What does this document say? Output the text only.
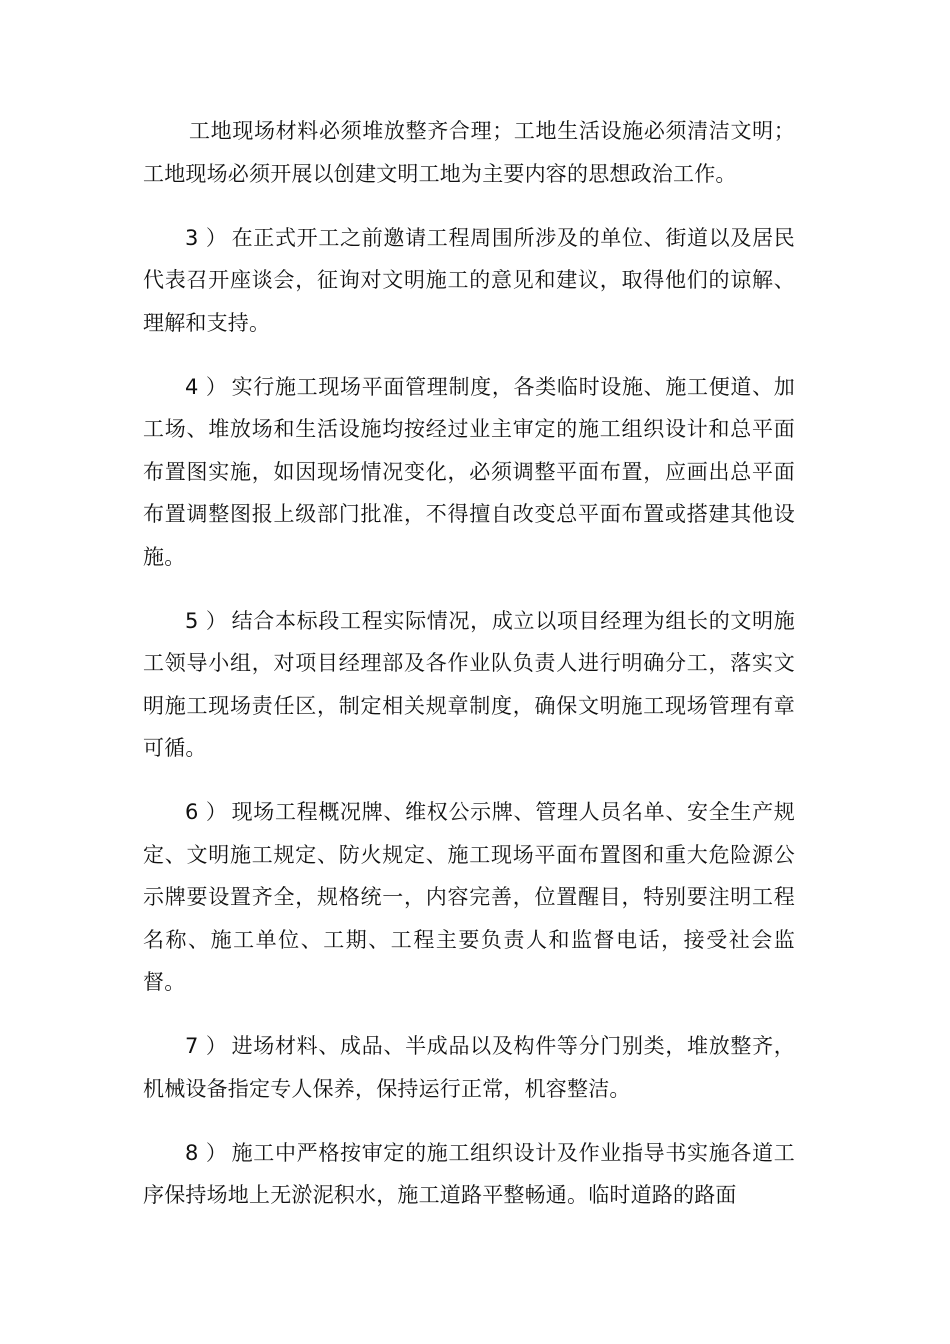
工地现场材料必须堆放整齐合理；工地生活设施必须清洁文明；工地现场必须开展以创建文明工地为主要内容的思想政治工作。

3 ） 在正式开工之前邀请工程周围所涉及的单位、街道以及居民代表召开座谈会，征询对文明施工的意见和建议，取得他们的谅解、理解和支持。

4 ） 实行施工现场平面管理制度，各类临时设施、施工便道、加工场、堆放场和生活设施均按经过业主审定的施工组织设计和总平面布置图实施，如因现场情况变化，必须调整平面布置，应画出总平面布置调整图报上级部门批准，不得擅自改变总平面布置或搭建其他设施。

5 ） 结合本标段工程实际情况，成立以项目经理为组长的文明施工领导小组，对项目经理部及各作业队负责人进行明确分工，落实文明施工现场责任区，制定相关规章制度，确保文明施工现场管理有章可循。

6 ） 现场工程概况牌、维权公示牌、管理人员名单、安全生产规定、文明施工规定、防火规定、施工现场平面布置图和重大危险源公示牌要设置齐全，规格统一，内容完善，位置醒目，特别要注明工程名称、施工单位、工期、工程主要负责人和监督电话，接受社会监督。

7 ） 进场材料、成品、半成品以及构件等分门别类，堆放整齐，机械设备指定专人保养，保持运行正常，机容整洁。

8 ） 施工中严格按审定的施工组织设计及作业指导书实施各道工序保持场地上无淤泥积水，施工道路平整畅通。临时道路的路面
